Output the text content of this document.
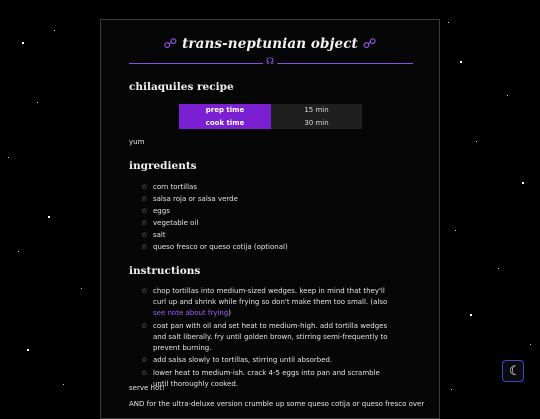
☍ trans-neptunian object ☍
☊
chilaquiles recipe
prep time	15 min
cook time	30 min
yum
ingredients
☆ corn tortillas
☆ salsa roja or salsa verde
☆ eggs
☆ vegetable oil
☆ salt
☆ queso fresco or queso cotija (optional)
instructions
☆ chop tortillas into medium-sized wedges. keep in mind that they'll curl up and shrink while frying so don't make them too small. (also see note about frying)
☆ coat pan with oil and set heat to medium-high. add tortilla wedges and salt liberally. fry until golden brown, stirring semi-frequently to prevent burning.
☆ add salsa slowly to tortillas, stirring until absorbed.
☆ lower heat to medium-ish. crack 4-5 eggs into pan and scramble until thoroughly cooked.
serve hot!
AND for the ultra-deluxe version crumble up some queso cotija or queso fresco over
☾
